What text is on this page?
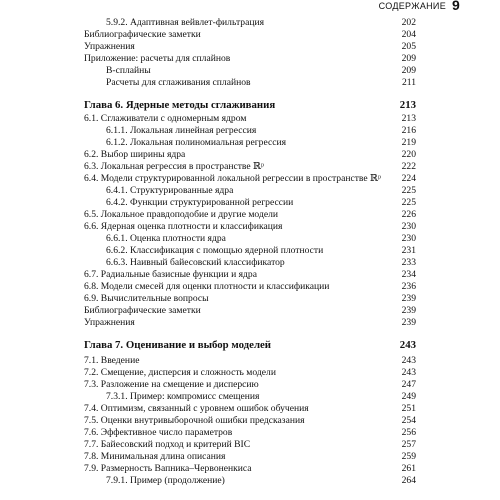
СОДЕРЖАНИЕ 9
5.9.2. Адаптивная вейвлет-фильтрация	202
Библиографические заметки	204
Упражнения	205
Приложение: расчеты для сплайнов	209
B-сплайны	209
Расчеты для сглаживания сплайнов	211
Глава 6. Ядерные методы сглаживания	213
6.1. Сглаживатели с одномерным ядром	213
6.1.1. Локальная линейная регрессия	216
6.1.2. Локальная полиномиальная регрессия	219
6.2. Выбор ширины ядра	220
6.3. Локальная регрессия в пространстве ℝᵖ	222
6.4. Модели структурированной локальной регрессии в пространстве ℝᵖ 224
6.4.1. Структурированные ядра	225
6.4.2. Функции структурированной регрессии	225
6.5. Локальное правдоподобие и другие модели	226
6.6. Ядерная оценка плотности и классификация	230
6.6.1. Оценка плотности ядра	230
6.6.2. Классификация с помощью ядерной плотности	231
6.6.3. Наивный байесовский классификатор	233
6.7. Радиальные базисные функции и ядра	234
6.8. Модели смесей для оценки плотности и классификации	236
6.9. Вычислительные вопросы	239
Библиографические заметки	239
Упражнения	239
Глава 7. Оценивание и выбор моделей	243
7.1. Введение	243
7.2. Смещение, дисперсия и сложность модели	243
7.3. Разложение на смещение и дисперсию	247
7.3.1. Пример: компромисс смещения	249
7.4. Оптимизм, связанный с уровнем ошибок обучения	251
7.5. Оценки внутривыборочной ошибки предсказания	254
7.6. Эффективное число параметров	256
7.7. Байесовский подход и критерий BIC	257
7.8. Минимальная длина описания	259
7.9. Размерность Вапника–Червоненкиса	261
7.9.1. Пример (продолжение)	264
